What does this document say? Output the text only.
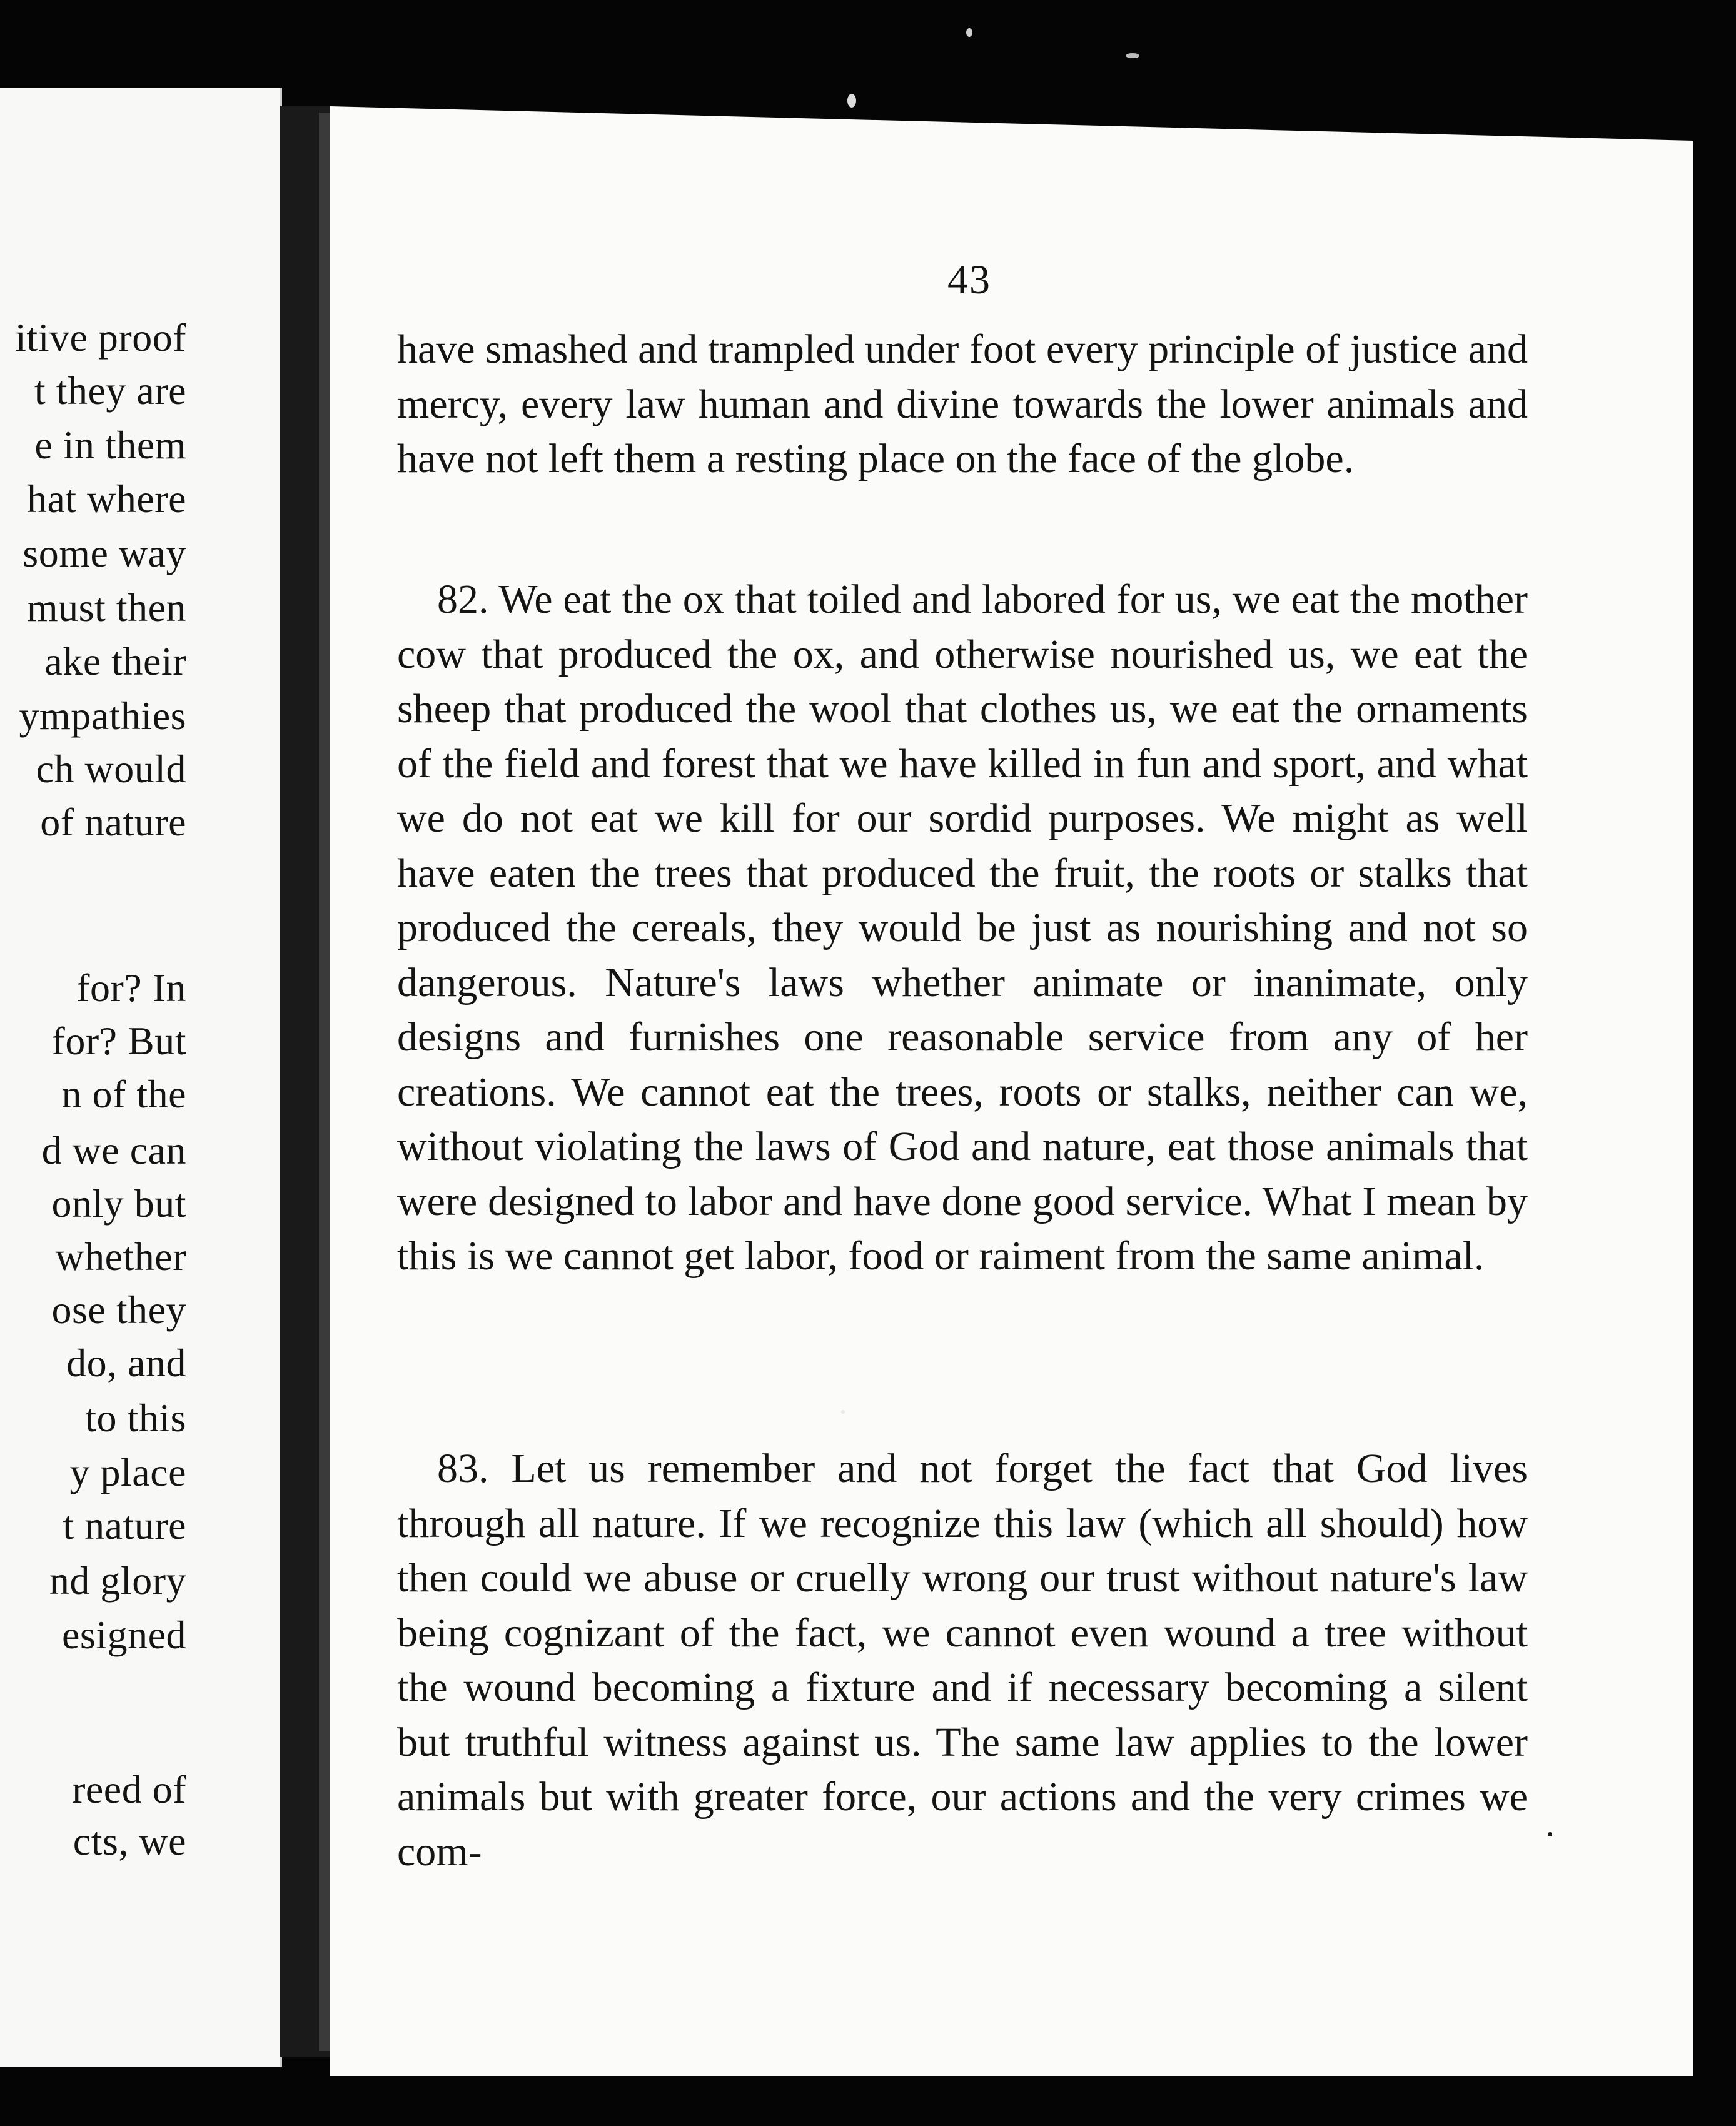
itive proof
t they are
e in them
hat where
some way
must then
ake their
ympathies
ch would
of nature
for? In
for? But
n of the
d we can
only but
whether
ose they
do, and
to this
y place
t nature
nd glory
esigned
reed of
cts, we
43

have smashed and trampled under foot every principle of justice and mercy, every law human and divine towards the lower animals and have not left them a resting place on the face of the globe.

82. We eat the ox that toiled and labored for us, we eat the mother cow that produced the ox, and otherwise nourished us, we eat the sheep that produced the wool that clothes us, we eat the ornaments of the field and forest that we have killed in fun and sport, and what we do not eat we kill for our sordid purposes. We might as well have eaten the trees that produced the fruit, the roots or stalks that produced the cereals, they would be just as nourishing and not so dangerous. Nature's laws whether animate or inanimate, only designs and furnishes one reasonable service from any of her creations. We cannot eat the trees, roots or stalks, neither can we, without violating the laws of God and nature, eat those animals that were designed to labor and have done good service. What I mean by this is we cannot get labor, food or raiment from the same animal.

83. Let us remember and not forget the fact that God lives through all nature. If we recognize this law (which all should) how then could we abuse or cruelly wrong our trust without nature's law being cognizant of the fact, we cannot even wound a tree without the wound becoming a fixture and if necessary becoming a silent but truthful witness against us. The same law applies to the lower animals but with greater force, our actions and the very crimes we com-
